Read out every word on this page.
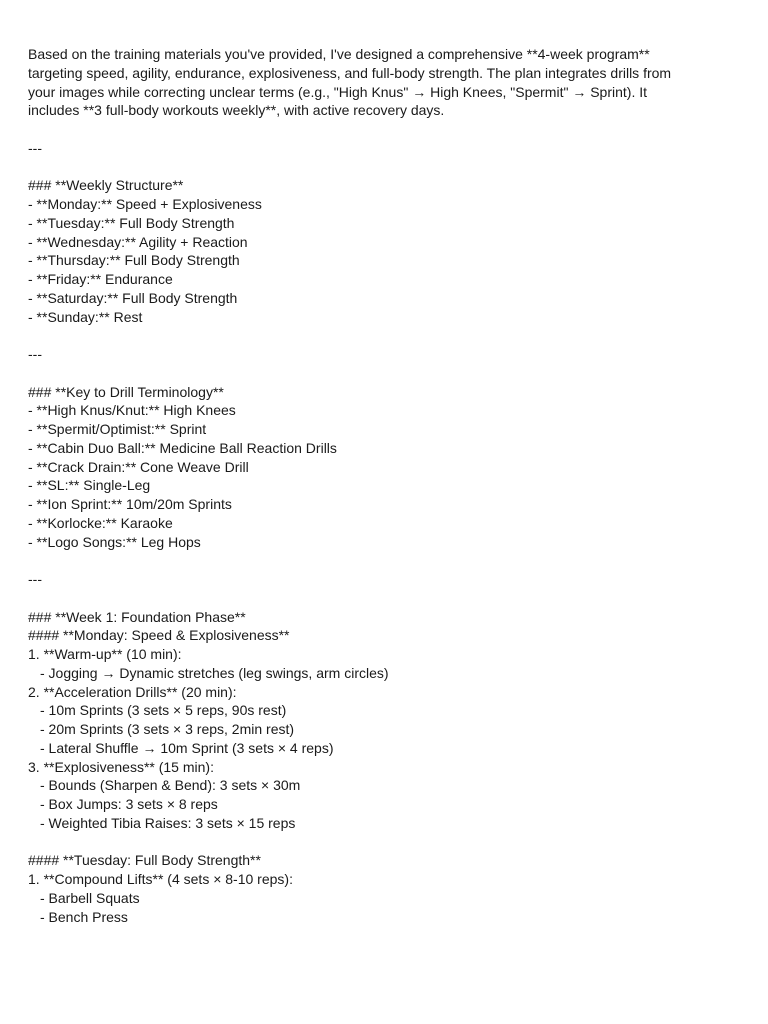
Based on the training materials you've provided, I've designed a comprehensive **4-week program**
targeting speed, agility, endurance, explosiveness, and full-body strength. The plan integrates drills from
your images while correcting unclear terms (e.g., "High Knus" → High Knees, "Spermit" → Sprint). It
includes **3 full-body workouts weekly**, with active recovery days.
---
### **Weekly Structure**
- **Monday:** Speed + Explosiveness
- **Tuesday:** Full Body Strength
- **Wednesday:** Agility + Reaction
- **Thursday:** Full Body Strength
- **Friday:** Endurance
- **Saturday:** Full Body Strength
- **Sunday:** Rest
---
### **Key to Drill Terminology**
- **High Knus/Knut:** High Knees
- **Spermit/Optimist:** Sprint
- **Cabin Duo Ball:** Medicine Ball Reaction Drills
- **Crack Drain:** Cone Weave Drill
- **SL:** Single-Leg
- **Ion Sprint:** 10m/20m Sprints
- **Korlocke:** Karaoke
- **Logo Songs:** Leg Hops
---
### **Week 1: Foundation Phase**
#### **Monday: Speed & Explosiveness**
1. **Warm-up** (10 min):
- Jogging → Dynamic stretches (leg swings, arm circles)
2. **Acceleration Drills** (20 min):
- 10m Sprints (3 sets × 5 reps, 90s rest)
- 20m Sprints (3 sets × 3 reps, 2min rest)
- Lateral Shuffle → 10m Sprint (3 sets × 4 reps)
3. **Explosiveness** (15 min):
- Bounds (Sharpen & Bend): 3 sets × 30m
- Box Jumps: 3 sets × 8 reps
- Weighted Tibia Raises: 3 sets × 15 reps
#### **Tuesday: Full Body Strength**
1. **Compound Lifts** (4 sets × 8-10 reps):
- Barbell Squats
- Bench Press
